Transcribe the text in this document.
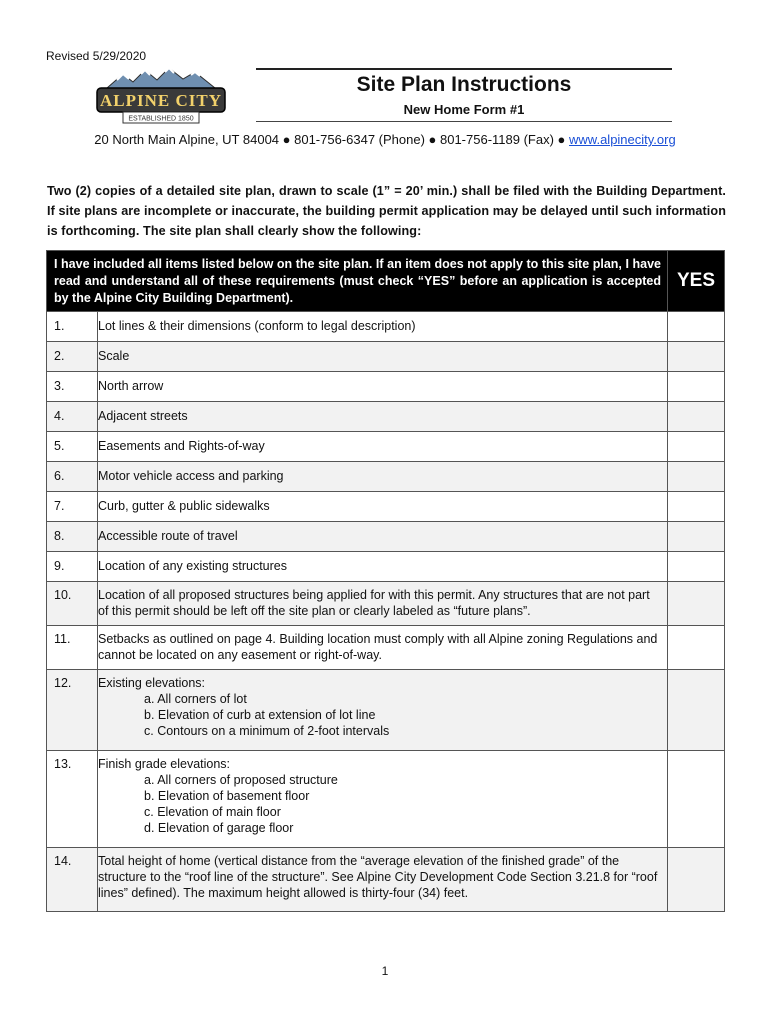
Revised 5/29/2020
ALPINE CITY
ESTABLISHED 1850
Site Plan Instructions
New Home Form #1
20 North Main Alpine, UT 84004 ● 801-756-6347 (Phone) ● 801-756-1189 (Fax) ● www.alpinecity.org
Two (2) copies of a detailed site plan, drawn to scale (1” = 20’ min.) shall be filed with the Building Department. If site plans are incomplete or inaccurate, the building permit application may be delayed until such information is forthcoming. The site plan shall clearly show the following:
I have included all items listed below on the site plan. If an item does not apply to this site plan, I have read and understand all of these requirements (must check “YES” before an application is accepted by the Alpine City Building Department).		YES
1.	Lot lines & their dimensions (conform to legal description)	
2.	Scale	
3.	North arrow	
4.	Adjacent streets	
5.	Easements and Rights-of-way	
6.	Motor vehicle access and parking	
7.	Curb, gutter & public sidewalks	
8.	Accessible route of travel	
9.	Location of any existing structures	

10.	Location of all proposed structures being applied for with this permit. Any structures that are not part of this permit should be left off the site plan or clearly labeled as “future plans”.	

11.	Setbacks as outlined on page 4. Building location must comply with all Alpine zoning Regulations and cannot be located on any easement or right-of-way.	

12.	Existing elevations:
a. All corners of lot
b. Elevation of curb at extension of lot line
c. Contours on a minimum of 2-foot intervals	

13.	Finish grade elevations:
a. All corners of proposed structure
b. Elevation of basement floor
c. Elevation of main floor
d. Elevation of garage floor	

14.	Total height of home (vertical distance from the “average elevation of the finished grade” of the structure to the “roof line of the structure”. See Alpine City Development Code Section 3.21.8 for “roof lines” defined). The maximum height allowed is thirty-four (34) feet.	

1
